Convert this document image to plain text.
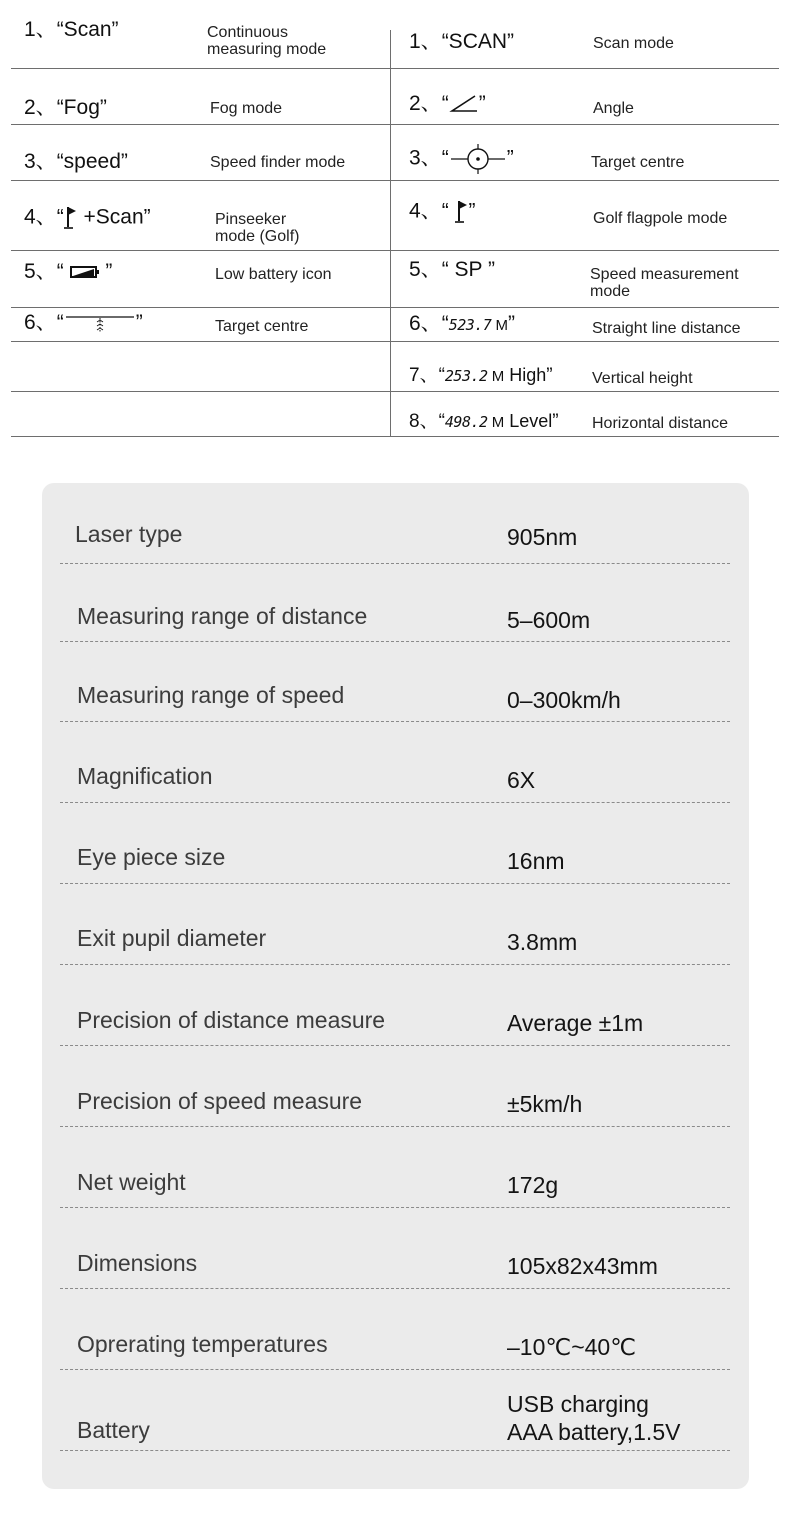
1、“Scan”	Continuous
measuring mode
2、“Fog”	Fog mode
3、“speed”	Speed finder mode
4、“ +Scan”	Pinseeker
mode (Golf)
5、“  ”	Low battery icon
6、“	”	Target centre
1、“SCAN”	Scan mode
2、“ ”	Angle
3、“	”	Target centre
4、“ ”	Golf flagpole mode
5、“ SP ”	Speed measurement
mode
6、“523.7 M”	Straight line distance
7、“253.2 M High” Vertical height
8、“498.2 M Level” Horizontal distance
Laser type	905nm
Measuring range of distance	5–600m
Measuring range of speed	0–300km/h
Magnification	6X
Eye piece size	16nm
Exit pupil diameter	3.8mm
Precision of distance measure	Average ±1m
Precision of speed measure	±5km/h
Net weight	172g
Dimensions	105x82x43mm
Oprerating temperatures	–10℃~40℃
Battery
USB charging
AAA battery,1.5V
